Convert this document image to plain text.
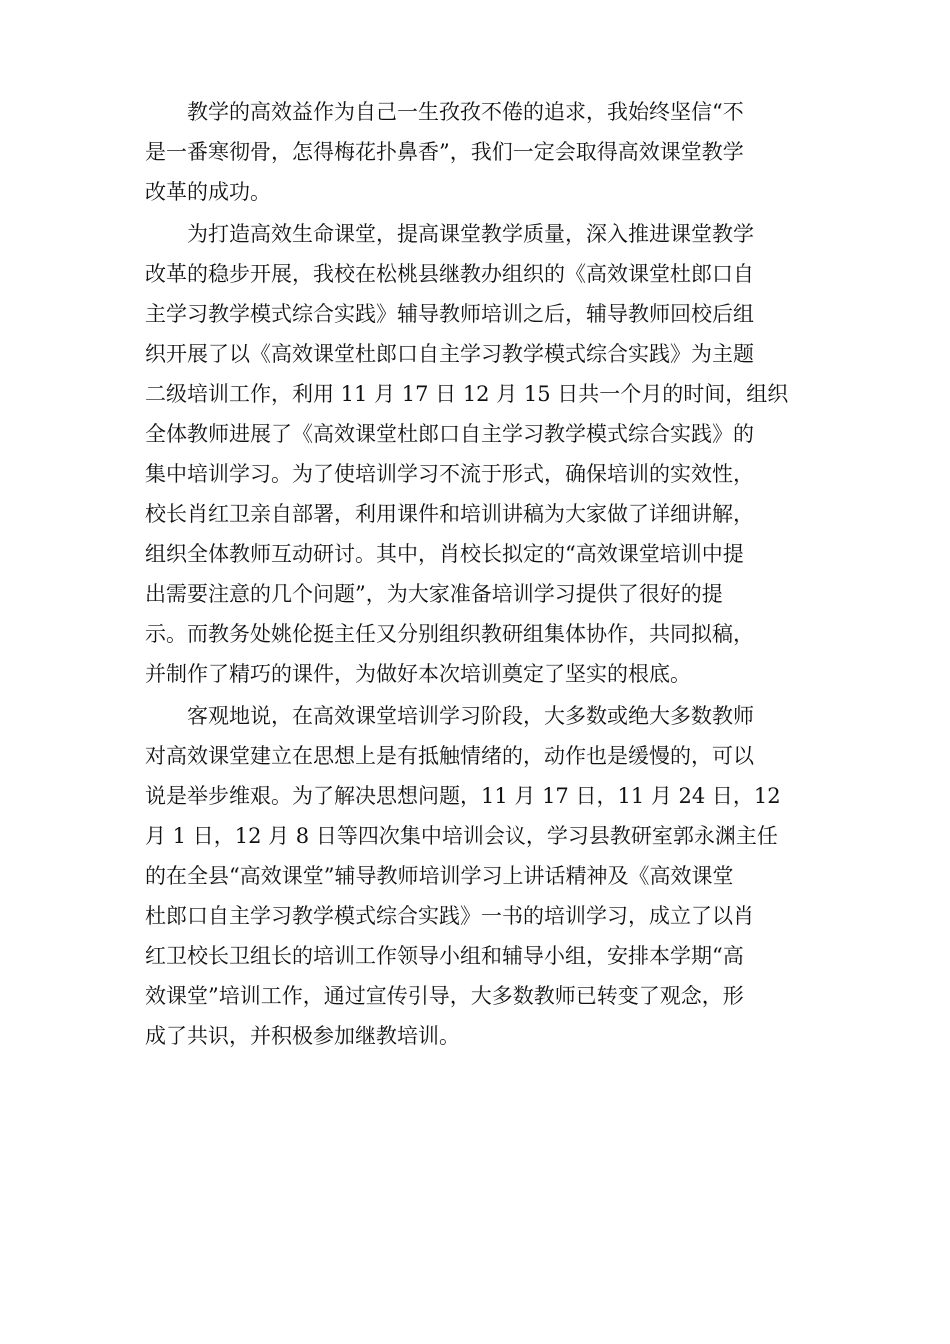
　　教学的高效益作为自己一生孜孜不倦的追求，我始终坚信“不
是一番寒彻骨，怎得梅花扑鼻香”，我们一定会取得高效课堂教学
改革的成功。

　　为打造高效生命课堂，提高课堂教学质量，深入推进课堂教学
改革的稳步开展，我校在松桃县继教办组织的《高效课堂杜郎口自
主学习教学模式综合实践》辅导教师培训之后，辅导教师回校后组
织开展了以《高效课堂杜郎口自主学习教学模式综合实践》为主题
二级培训工作，利用 11 月 17 日 12 月 15 日共一个月的时间，组织
全体教师进展了《高效课堂杜郎口自主学习教学模式综合实践》的
集中培训学习。为了使培训学习不流于形式，确保培训的实效性，
校长肖红卫亲自部署，利用课件和培训讲稿为大家做了详细讲解，
组织全体教师互动研讨。其中，肖校长拟定的“高效课堂培训中提
出需要注意的几个问题”，为大家准备培训学习提供了很好的提
示。而教务处姚伦挺主任又分别组织教研组集体协作，共同拟稿，
并制作了精巧的课件，为做好本次培训奠定了坚实的根底。

　　客观地说，在高效课堂培训学习阶段，大多数或绝大多数教师
对高效课堂建立在思想上是有抵触情绪的，动作也是缓慢的，可以
说是举步维艰。为了解决思想问题，11 月 17 日，11 月 24 日，12
月 1 日，12 月 8 日等四次集中培训会议，学习县教研室郭永渊主任
的在全县“高效课堂”辅导教师培训学习上讲话精神及《高效课堂
杜郎口自主学习教学模式综合实践》一书的培训学习，成立了以肖
红卫校长卫组长的培训工作领导小组和辅导小组，安排本学期“高
效课堂”培训工作，通过宣传引导，大多数教师已转变了观念，形
成了共识，并积极参加继教培训。
